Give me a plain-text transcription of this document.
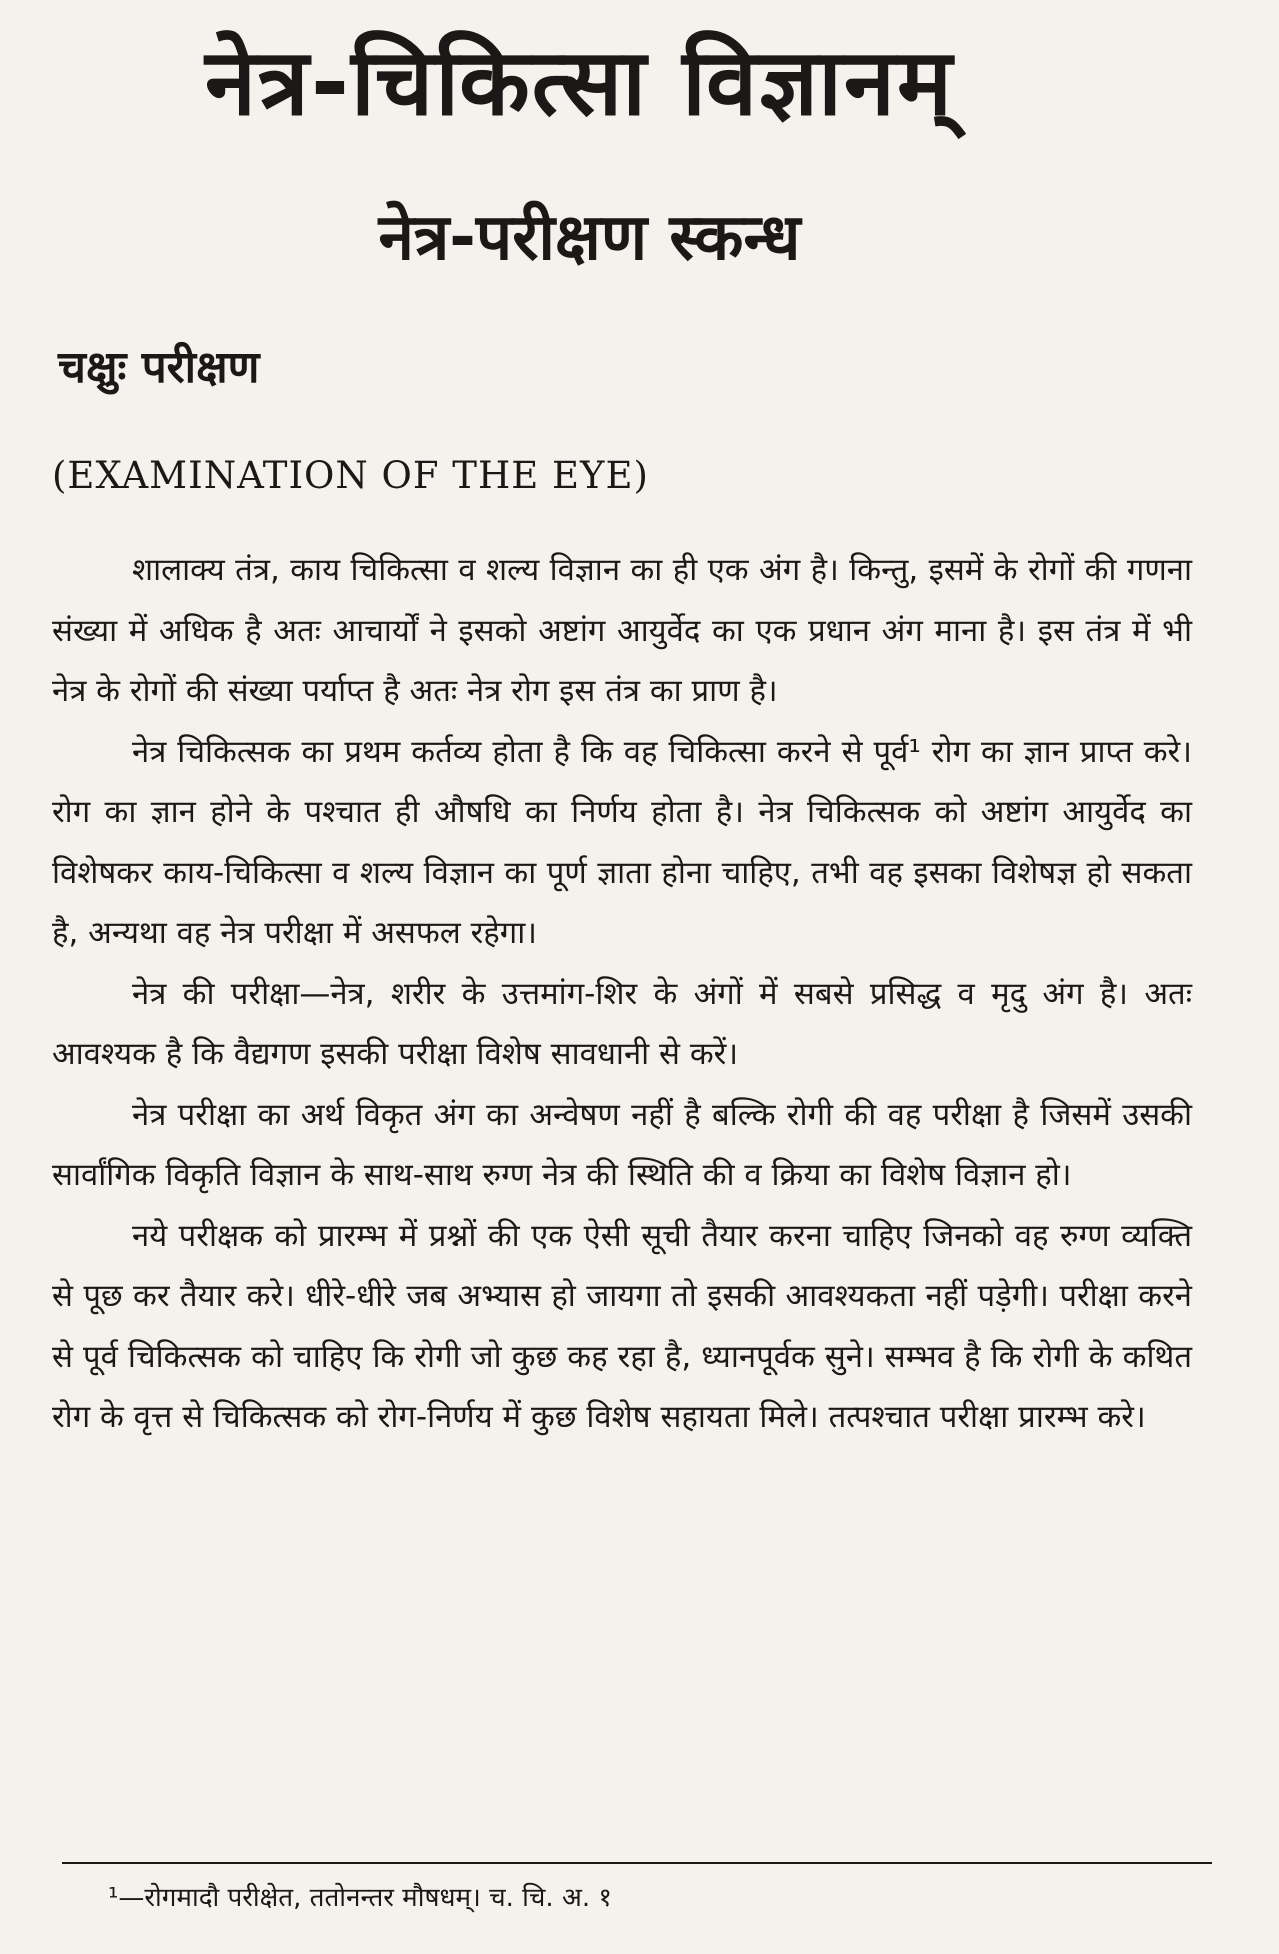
नेत्र-चिकित्सा विज्ञानम्
नेत्र-परीक्षण स्कन्ध
चक्षुः परीक्षण
(EXAMINATION OF THE EYE)

शालाक्य तंत्र, काय चिकित्सा व शल्य विज्ञान का ही एक अंग है। किन्तु, इसमें के रोगों की गणना संख्या में अधिक है अतः आचार्यों ने इसको अष्टांग आयुर्वेद का एक प्रधान अंग माना है। इस तंत्र में भी नेत्र के रोगों की संख्या पर्याप्त है अतः नेत्र रोग इस तंत्र का प्राण है।

नेत्र चिकित्सक का प्रथम कर्तव्य होता है कि वह चिकित्सा करने से पूर्व¹ रोग का ज्ञान प्राप्त करे। रोग का ज्ञान होने के पश्चात ही औषधि का निर्णय होता है। नेत्र चिकित्सक को अष्टांग आयुर्वेद का विशेषकर काय-चिकित्सा व शल्य विज्ञान का पूर्ण ज्ञाता होना चाहिए, तभी वह इसका विशेषज्ञ हो सकता है, अन्यथा वह नेत्र परीक्षा में असफल रहेगा।

नेत्र की परीक्षा—नेत्र, शरीर के उत्तमांग-शिर के अंगों में सबसे प्रसिद्ध व मृदु अंग है। अतः आवश्यक है कि वैद्यगण इसकी परीक्षा विशेष सावधानी से करें।

नेत्र परीक्षा का अर्थ विकृत अंग का अन्वेषण नहीं है बल्कि रोगी की वह परीक्षा है जिसमें उसकी सार्वांगिक विकृति विज्ञान के साथ-साथ रुग्ण नेत्र की स्थिति की व क्रिया का विशेष विज्ञान हो।

नये परीक्षक को प्रारम्भ में प्रश्नों की एक ऐसी सूची तैयार करना चाहिए जिनको वह रुग्ण व्यक्ति से पूछ कर तैयार करे। धीरे-धीरे जब अभ्यास हो जायगा तो इसकी आवश्यकता नहीं पड़ेगी। परीक्षा करने से पूर्व चिकित्सक को चाहिए कि रोगी जो कुछ कह रहा है, ध्यानपूर्वक सुने। सम्भव है कि रोगी के कथित रोग के वृत्त से चिकित्सक को रोग-निर्णय में कुछ विशेष सहायता मिले। तत्पश्चात परीक्षा प्रारम्भ करे।

¹—रोगमादौ परीक्षेत, ततोनन्तर मौषधम्। च. चि. अ. १
